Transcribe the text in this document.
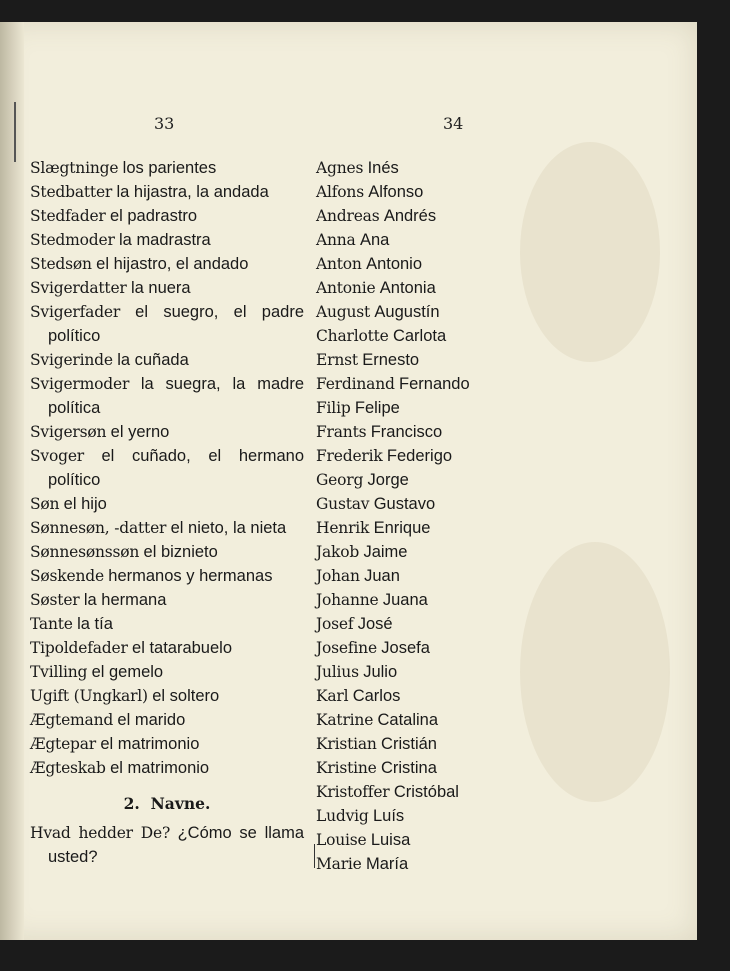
33	34
Slægtninge los parientes
Stedbatter la hijastra, la andada
Stedfader el padrastro
Stedmoder la madrastra
Stedsøn el hijastro, el andado
Svigerdatter la nuera
Svigerfader el suegro, el padre político
Svigerinde la cuñada
Svigermoder la suegra, la madre política
Svigersøn el yerno
Svoger el cuñado, el hermano político
Søn el hijo
Sønnesøn, -datter el nieto, la nieta
Sønnesønssøn el biznieto
Søskende hermanos y hermanas
Søster la hermana
Tante la tía
Tipoldefader el tatarabuelo
Tvilling el gemelo
Ugift (Ungkarl) el soltero
Ægtemand el marido
Ægtepar el matrimonio
Ægteskab el matrimonio
2. Navne.
Hvad hedder De? ¿Cómo se llama usted?
Agnes Inés
Alfons Alfonso
Andreas Andrés
Anna Ana
Anton Antonio
Antonie Antonia
August Augustín
Charlotte Carlota
Ernst Ernesto
Ferdinand Fernando
Filip Felipe
Frants Francisco
Frederik Federigo
Georg Jorge
Gustav Gustavo
Henrik Enrique
Jakob Jaime
Johan Juan
Johanne Juana
Josef José
Josefine Josefa
Julius Julio
Karl Carlos
Katrine Catalina
Kristian Cristián
Kristine Cristina
Kristoffer Cristóbal
Ludvig Luís
Louise Luisa
Marie María
